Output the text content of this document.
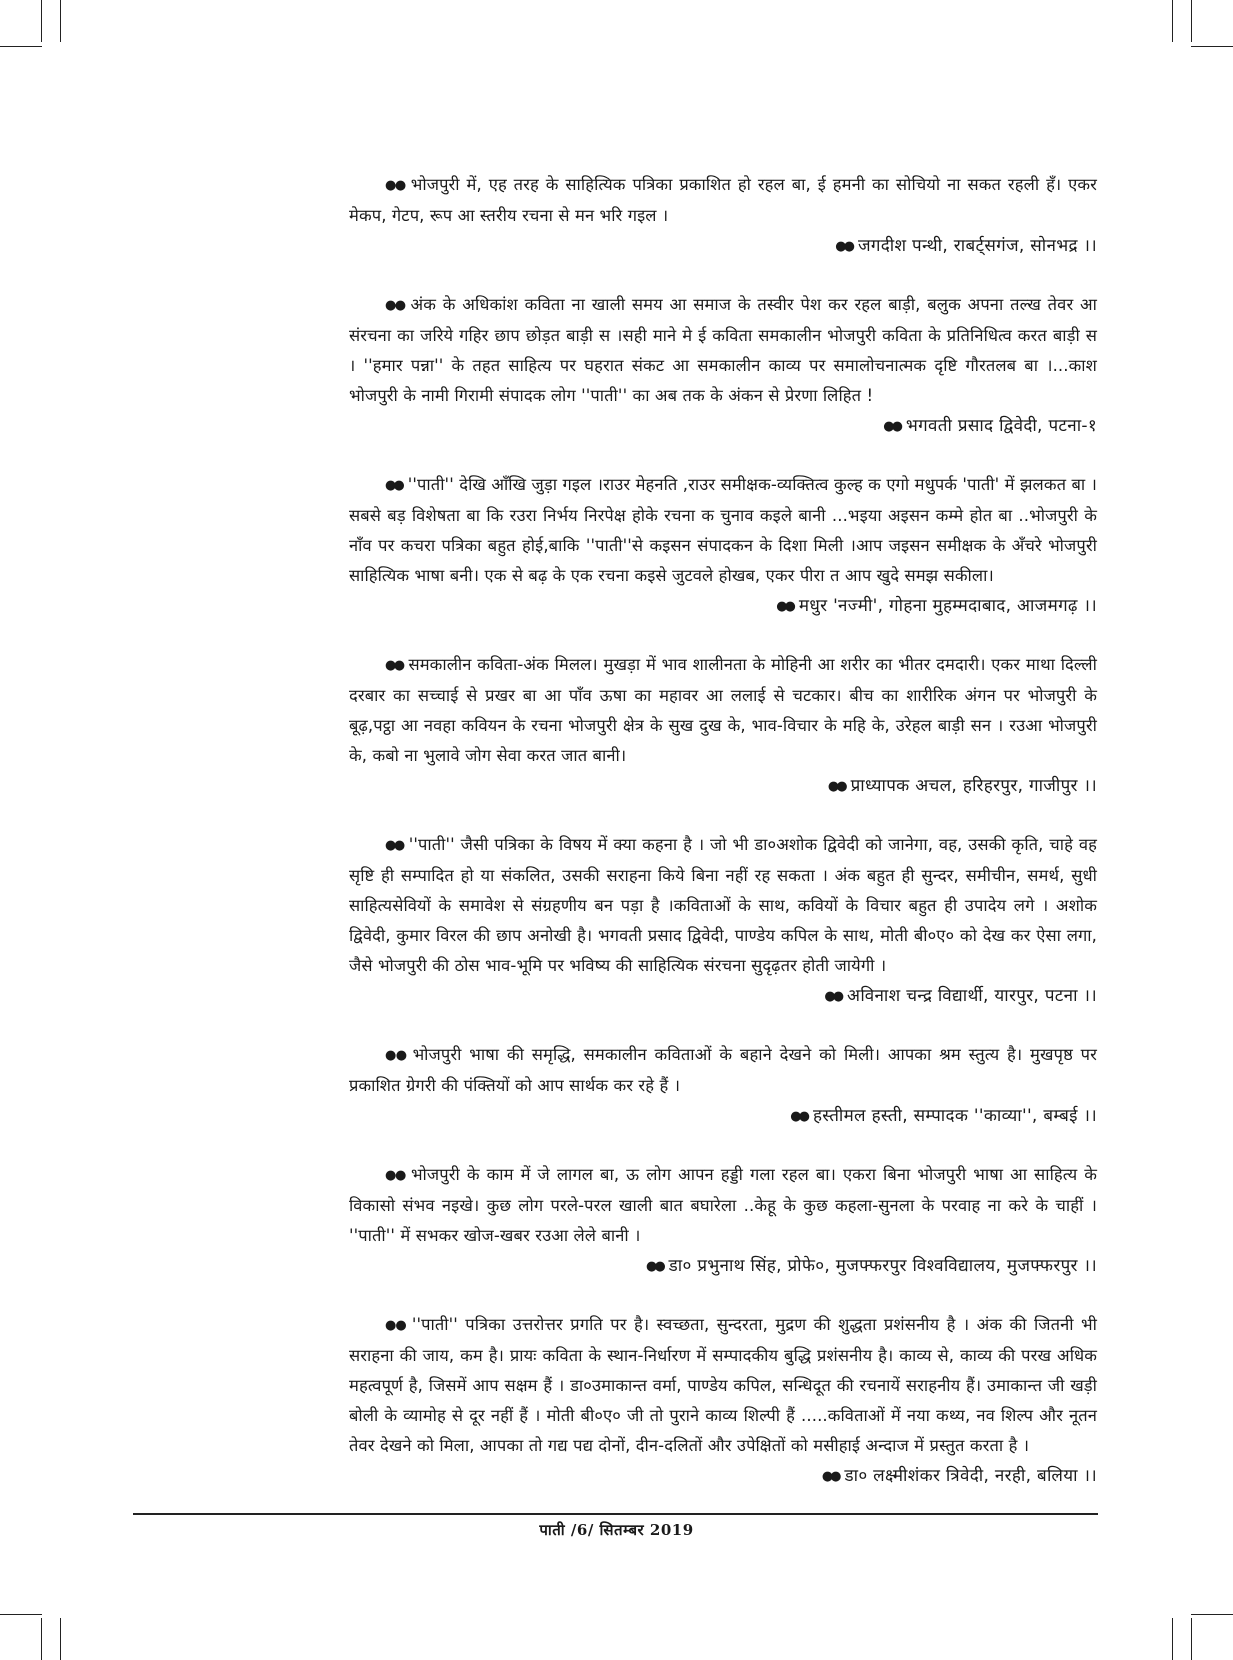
●● भोजपुरी में, एह तरह के साहित्यिक पत्रिका प्रकाशित हो रहल बा, ई हमनी का सोचियो ना सकत रहली हँ। एकर मेकप, गेटप, रूप आ स्तरीय रचना से मन भरि गइल ।

●● जगदीश पन्थी, राबर्ट्सगंज, सोनभद्र ।।

●● अंक के अधिकांश कविता ना खाली समय आ समाज के तस्वीर पेश कर रहल बाड़ी, बलुक अपना तल्ख तेवर आ संरचना का जरिये गहिर छाप छोड़त बाड़ी स ।सही माने मे ई कविता समकालीन भोजपुरी कविता के प्रतिनिधित्व करत बाड़ी स । ''हमार पन्ना'' के तहत साहित्य पर घहरात संकट आ समकालीन काव्य पर समालोचनात्मक दृष्टि गौरतलब बा ।...काश भोजपुरी के नामी गिरामी संपादक लोग ''पाती'' का अब तक के अंकन से प्रेरणा लिहित !

●● भगवती प्रसाद द्विवेदी, पटना-१

●● ''पाती'' देखि आँखि जुड़ा गइल ।राउर मेहनति ,राउर समीक्षक-व्यक्तित्व कुल्ह क एगो मधुपर्क 'पाती' में झलकत बा ।सबसे बड़ विशेषता बा कि रउरा निर्भय निरपेक्ष होके रचना क चुनाव कइले बानी ...भइया अइसन कम्मे होत बा ..भोजपुरी के नाँव पर कचरा पत्रिका बहुत होई,बाकि ''पाती''से कइसन संपादकन के दिशा मिली ।आप जइसन समीक्षक के अँचरे भोजपुरी साहित्यिक भाषा बनी। एक से बढ़ के एक रचना कइसे जुटवले होखब, एकर पीरा त आप खुदे समझ सकीला।

●● मधुर 'नज्मी', गोहना मुहम्मदाबाद, आजमगढ़ ।।

●● समकालीन कविता-अंक मिलल। मुखड़ा में भाव शालीनता के मोहिनी आ शरीर का भीतर दमदारी। एकर माथा दिल्ली दरबार का सच्चाई से प्रखर बा आ पाँव ऊषा का महावर आ ललाई से चटकार। बीच का शारीरिक अंगन पर भोजपुरी के बूढ़,पट्ठा आ नवहा कवियन के रचना भोजपुरी क्षेत्र के सुख दुख के, भाव-विचार के महि के, उरेहल बाड़ी सन । रउआ भोजपुरी के, कबो ना भुलावे जोग सेवा करत जात बानी।

●● प्राध्यापक अचल, हरिहरपुर, गाजीपुर ।।

●● ''पाती'' जैसी पत्रिका के विषय में क्या कहना है । जो भी डा०अशोक द्विवेदी को जानेगा, वह, उसकी कृति, चाहे वह सृष्टि ही सम्पादित हो या संकलित, उसकी सराहना किये बिना नहीं रह सकता । अंक बहुत ही सुन्दर, समीचीन, समर्थ, सुधी साहित्यसेवियों के समावेश से संग्रहणीय बन पड़ा है ।कविताओं के साथ, कवियों के विचार बहुत ही उपादेय लगे । अशोक द्विवेदी, कुमार विरल की छाप अनोखी है। भगवती प्रसाद द्विवेदी, पाण्डेय कपिल के साथ, मोती बी०ए० को देख कर ऐसा लगा, जैसे भोजपुरी की ठोस भाव-भूमि पर भविष्य की साहित्यिक संरचना सुदृढ़तर होती जायेगी ।

●● अविनाश चन्द्र विद्यार्थी, यारपुर, पटना ।।

●● भोजपुरी भाषा की समृद्धि, समकालीन कविताओं के बहाने देखने को मिली। आपका श्रम स्तुत्य है। मुखपृष्ठ पर प्रकाशित ग्रेगरी की पंक्तियों को आप सार्थक कर रहे हैं ।

●● हस्तीमल हस्ती, सम्पादक ''काव्या'', बम्बई ।।

●● भोजपुरी के काम में जे लागल बा, ऊ लोग आपन हड्डी गला रहल बा। एकरा बिना भोजपुरी भाषा आ साहित्य के विकासो संभव नइखे। कुछ लोग परले-परल खाली बात बघारेला ..केहू के कुछ कहला-सुनला के परवाह ना करे के चाहीं । ''पाती'' में सभकर खोज-खबर रउआ लेले बानी ।

●● डा० प्रभुनाथ सिंह, प्रोफे०, मुजफ्फरपुर विश्वविद्यालय, मुजफ्फरपुर ।।

●● ''पाती'' पत्रिका उत्तरोत्तर प्रगति पर है। स्वच्छता, सुन्दरता, मुद्रण की शुद्धता प्रशंसनीय है । अंक की जितनी भी सराहना की जाय, कम है। प्रायः कविता के स्थान-निर्धारण में सम्पादकीय बुद्धि प्रशंसनीय है। काव्य से, काव्य की परख अधिक महत्वपूर्ण है, जिसमें आप सक्षम हैं । डा०उमाकान्त वर्मा, पाण्डेय कपिल, सन्धिदूत की रचनायें सराहनीय हैं। उमाकान्त जी खड़ी बोली के व्यामोह से दूर नहीं हैं । मोती बी०ए० जी तो पुराने काव्य शिल्पी हैं .....कविताओं में नया कथ्य, नव शिल्प और नूतन तेवर देखने को मिला, आपका तो गद्य पद्य दोनों, दीन-दलितों और उपेक्षितों को मसीहाई अन्दाज में प्रस्तुत करता है ।

●● डा० लक्ष्मीशंकर त्रिवेदी, नरही, बलिया ।।

पाती /6/ सितम्बर 2019
